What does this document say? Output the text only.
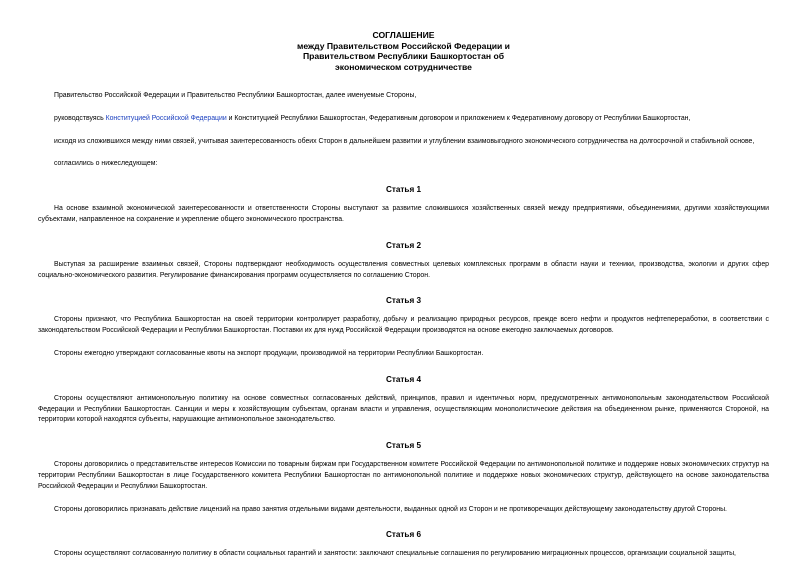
СОГЛАШЕНИЕ
между Правительством Российской Федерации и
Правительством Республики Башкортостан об
экономическом сотрудничестве

Правительство Российской Федерации и Правительство Республики Башкортостан, далее именуемые Стороны,

руководствуясь Конституцией Российской Федерации и Конституцией Республики Башкортостан, Федеративным договором и приложением к Федеративному договору от Республики Башкортостан,

исходя из сложившихся между ними связей, учитывая заинтересованность обеих Сторон в дальнейшем развитии и углублении взаимовыгодного экономического сотрудничества на долгосрочной и стабильной основе,

согласились о нижеследующем:

Статья 1

На основе взаимной экономической заинтересованности и ответственности Стороны выступают за развитие сложившихся хозяйственных связей между предприятиями, объединениями, другими хозяйствующими субъектами, направленное на сохранение и укрепление общего экономического пространства.

Статья 2

Выступая за расширение взаимных связей, Стороны подтверждают необходимость осуществления совместных целевых комплексных программ в области науки и техники, производства, экологии и других сфер социально-экономического развития. Регулирование финансирования программ осуществляется по соглашению Сторон.

Статья 3

Стороны признают, что Республика Башкортостан на своей территории контролирует разработку, добычу и реализацию природных ресурсов, прежде всего нефти и продуктов нефтепереработки, в соответствии с законодательством Российской Федерации и Республики Башкортостан. Поставки их для нужд Российской Федерации производятся на основе ежегодно заключаемых договоров.

Стороны ежегодно утверждают согласованные квоты на экспорт продукции, производимой на территории Республики Башкортостан.

Статья 4

Стороны осуществляют антимонопольную политику на основе совместных согласованных действий, принципов, правил и идентичных норм, предусмотренных антимонопольным законодательством Российской Федерации и Республики Башкортостан. Санкции и меры к хозяйствующим субъектам, органам власти и управления, осуществляющим монополистические действия на объединенном рынке, применяются Стороной, на территории которой находятся субъекты, нарушающие антимонопольное законодательство.

Статья 5

Стороны договорились о представительстве интересов Комиссии по товарным биржам при Государственном комитете Российской Федерации по антимонопольной политике и поддержке новых экономических структур на территории Республики Башкортостан в лице Государственного комитета Республики Башкортостан по антимонопольной политике и поддержке новых экономических структур, действующего на основе законодательства Российской Федерации и Республики Башкортостан.

Стороны договорились признавать действие лицензий на право занятия отдельными видами деятельности, выданных одной из Сторон и не противоречащих действующему законодательству другой Стороны.

Статья 6

Стороны осуществляют согласованную политику в области социальных гарантий и занятости: заключают специальные соглашения по регулированию миграционных процессов, организации социальной защиты,
